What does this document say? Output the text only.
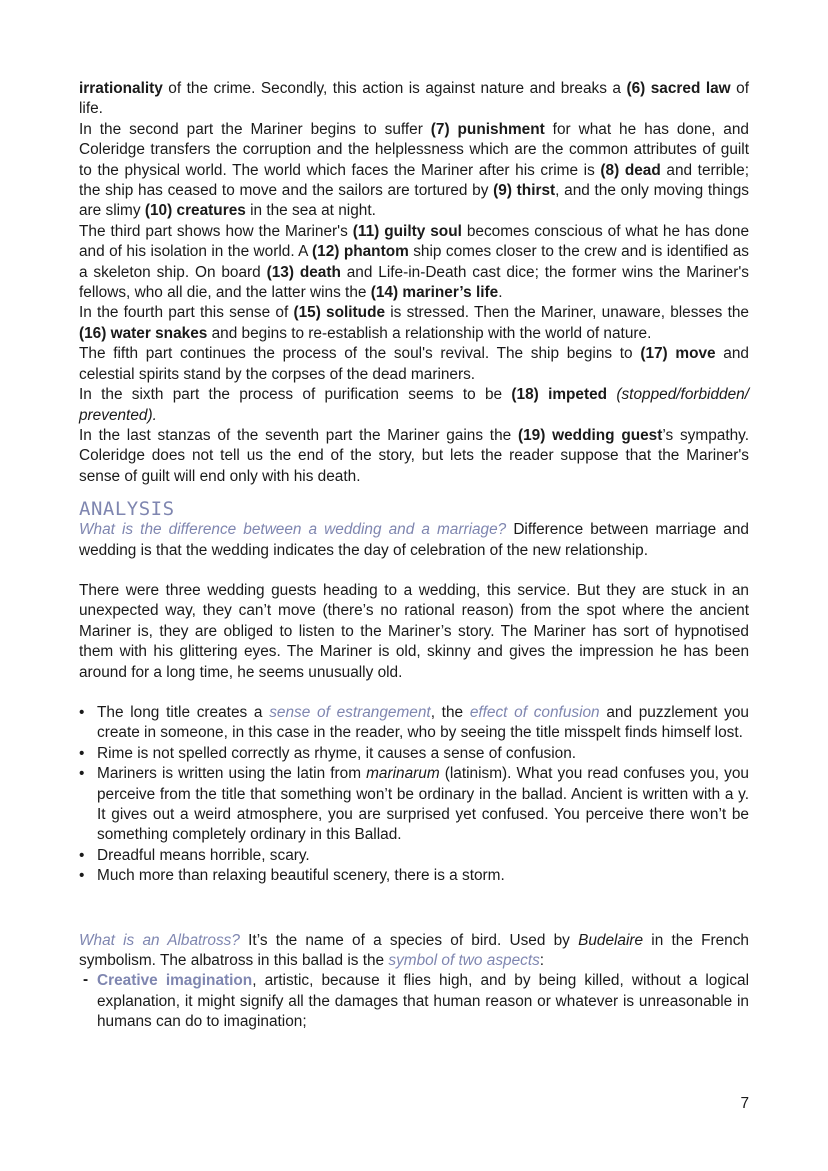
irrationality of the crime. Secondly, this action is against nature and breaks a (6) sacred law of life.

In the second part the Mariner begins to suffer (7) punishment for what he has done, and Coleridge transfers the corruption and the helplessness which are the common attributes of guilt to the physical world. The world which faces the Mariner after his crime is (8) dead and terrible; the ship has ceased to move and the sailors are tortured by (9) thirst, and the only moving things are slimy (10) creatures in the sea at night.

The third part shows how the Mariner's (11) guilty soul becomes conscious of what he has done and of his isolation in the world. A (12) phantom ship comes closer to the crew and is identified as a skeleton ship. On board (13) death and Life-in-Death cast dice; the former wins the Mariner's fellows, who all die, and the latter wins the (14) mariner’s life.

In the fourth part this sense of (15) solitude is stressed. Then the Mariner, unaware, blesses the (16) water snakes and begins to re-establish a relationship with the world of nature.

The fifth part continues the process of the soul's revival. The ship begins to (17) move and celestial spirits stand by the corpses of the dead mariners.

In the sixth part the process of purification seems to be (18) impeted (stopped/forbidden/ prevented).

In the last stanzas of the seventh part the Mariner gains the (19) wedding guest’s sympathy. Coleridge does not tell us the end of the story, but lets the reader suppose that the Mariner's sense of guilt will end only with his death.

ANALYSIS

What is the difference between a wedding and a marriage? Difference between marriage and wedding is that the wedding indicates the day of celebration of the new relationship.

There were three wedding guests heading to a wedding, this service. But they are stuck in an unexpected way, they can’t move (there’s no rational reason) from the spot where the ancient Mariner is, they are obliged to listen to the Mariner’s story. The Mariner has sort of hypnotised them with his glittering eyes. The Mariner is old, skinny and gives the impression he has been around for a long time, he seems unusually old.

• The long title creates a sense of estrangement, the effect of confusion and puzzlement you create in someone, in this case in the reader, who by seeing the title misspelt finds himself lost.
• Rime is not spelled correctly as rhyme, it causes a sense of confusion.
• Mariners is written using the latin from marinarum (latinism). What you read confuses you, you perceive from the title that something won’t be ordinary in the ballad. Ancient is written with a y. It gives out a weird atmosphere, you are surprised yet confused. You perceive there won’t be something completely ordinary in this Ballad.
• Dreadful means horrible, scary.
• Much more than relaxing beautiful scenery, there is a storm.

What is an Albatross? It’s the name of a species of bird. Used by Budelaire in the French symbolism. The albatross in this ballad is the symbol of two aspects:

- Creative imagination, artistic, because it flies high, and by being killed, without a logical explanation, it might signify all the damages that human reason or whatever is unreasonable in humans can do to imagination;
7
